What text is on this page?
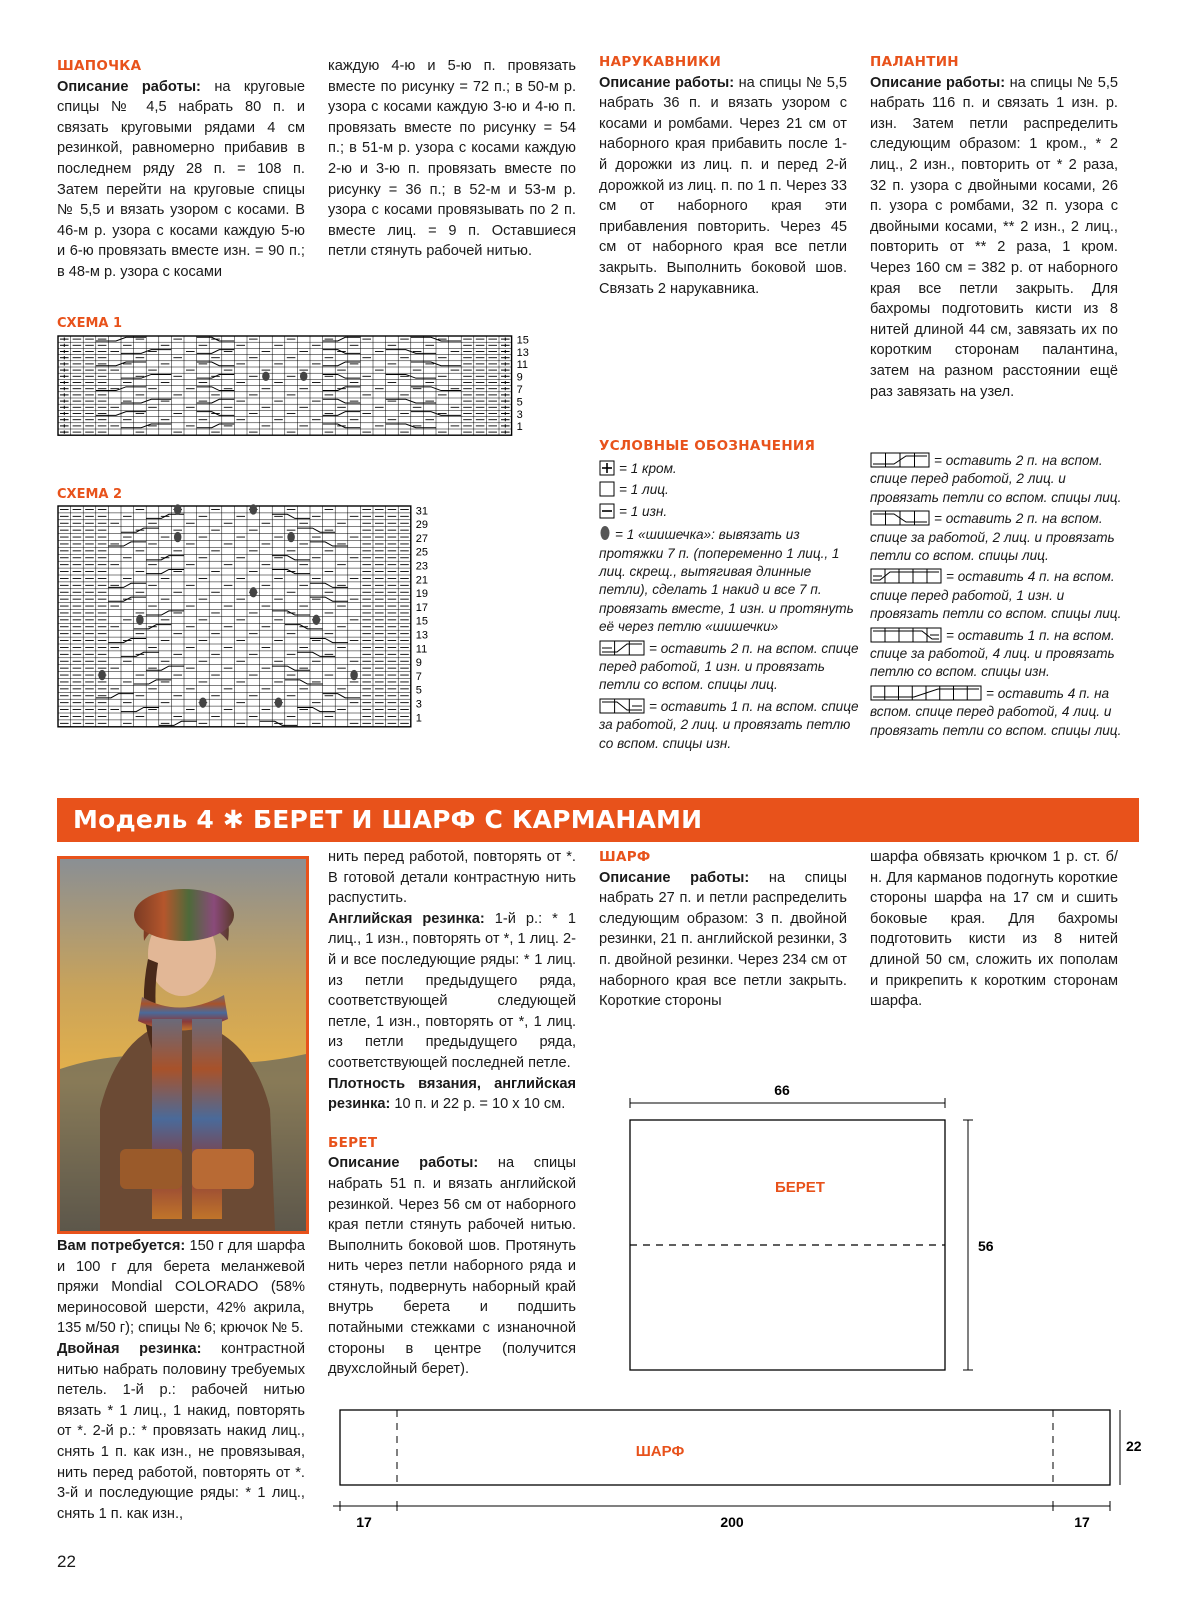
ШАПОЧКА

Описание работы: на круговые спицы № 4,5 набрать 80 п. и связать круговыми рядами 4 см резинкой, равномерно прибавив в последнем ряду 28 п. = 108 п. Затем перейти на круговые спицы № 5,5 и вязать узором с косами. В 46-м р. узора с косами каждую 5-ю и 6-ю провязать вместе изн. = 90 п.; в 48-м р. узора с косами

каждую 4-ю и 5-ю п. провязать вместе по рисунку = 72 п.; в 50-м р. узора с косами каждую 3-ю и 4-ю п. провязать вместе по рисунку = 54 п.; в 51-м р. узора с косами каждую 2-ю и 3-ю п. провязать вместе по рисунку = 36 п.; в 52-м и 53-м р. узора с косами провязывать по 2 п. вместе лиц. = 9 п. Оставшиеся петли стянуть рабочей нитью.

НАРУКАВНИКИ

Описание работы: на спицы № 5,5 набрать 36 п. и вязать узором с косами и ромбами. Через 21 см от наборного края прибавить после 1-й дорожки из лиц. п. и перед 2-й дорожкой из лиц. п. по 1 п. Через 33 см от наборного края эти прибавления повторить. Через 45 см от наборного края все петли закрыть. Выполнить боковой шов. Связать 2 нарукавника.

ПАЛАНТИН

Описание работы: на спицы № 5,5 набрать 116 п. и связать 1 изн. р. изн. Затем петли распределить следующим образом: 1 кром., * 2 лиц., 2 изн., повторить от * 2 раза, 32 п. узора с двойными косами, 26 п. узора с ромбами, 32 п. узора с двойными косами, ** 2 изн., 2 лиц., повторить от ** 2 раза, 1 кром. Через 160 см = 382 р. от наборного края все петли закрыть. Для бахромы подготовить кисти из 8 нитей длиной 44 см, завязать их по коротким сторонам палантина, затем на разном расстоянии ещё раз завязать на узел.

СХЕМА 1
15
13
11
9
7
5
3
1
СХЕМА 2
31
29
27
25
23
21
19
17
15
13
11
9
7
5
3
1
УСЛОВНЫЕ ОБОЗНАЧЕНИЯ
= 1 кром.
= 1 лиц.
= 1 изн.
= 1 «шишечка»: вывязать из протяжки 7 п. (попеременно 1 лиц., 1 лиц. скрещ., вытягивая длинные петли), сделать 1 накид и все 7 п. провязать вместе, 1 изн. и протянуть её через петлю «шишечки»
= оставить 2 п. на вспом. спице перед работой, 1 изн. и провязать петли со вспом. спицы лиц.
= оставить 1 п. на вспом. спице за работой, 2 лиц. и провязать петлю со вспом. спицы изн.
= оставить 2 п. на вспом. спице перед работой, 2 лиц. и провязать петли со вспом. спицы лиц.
= оставить 2 п. на вспом. спице за работой, 2 лиц. и провязать петли со вспом. спицы лиц.
= оставить 4 п. на вспом. спице перед работой, 1 изн. и провязать петли со вспом. спицы лиц.
= оставить 1 п. на вспом. спице за работой, 4 лиц. и провязать петлю со вспом. спицы изн.
= оставить 4 п. на вспом. спице перед работой, 4 лиц. и провязать петли со вспом. спицы лиц.
Модель 4 ✱ БЕРЕТ И ШАРФ С КАРМАНАМИ

Вам потребуется: 150 г для шарфа и 100 г для берета меланжевой пряжи Mondial COLORADO (58% мериносовой шерсти, 42% акрила, 135 м/50 г); спицы № 6; крючок № 5.

Двойная резинка: контрастной нитью набрать половину требуемых петель. 1-й р.: рабочей нитью вязать * 1 лиц., 1 накид, повторять от *. 2-й р.: * провязать накид лиц., снять 1 п. как изн., не провязывая, нить перед работой, повторять от *. 3-й и последующие ряды: * 1 лиц., снять 1 п. как изн.,

нить перед работой, повторять от *. В готовой детали контрастную нить распустить.

Английская резинка: 1-й р.: * 1 лиц., 1 изн., повторять от *, 1 лиц. 2-й и все последующие ряды: * 1 лиц. из петли предыдущего ряда, соответствующей следующей петле, 1 изн., повторять от *, 1 лиц. из петли предыдущего ряда, соответствующей последней петле.

Плотность вязания, английская резинка: 10 п. и 22 р. = 10 х 10 см.

БЕРЕТ

Описание работы: на спицы набрать 51 п. и вязать английской резинкой. Через 56 см от наборного края петли стянуть рабочей нитью. Выполнить боковой шов. Протянуть нить через петли наборного ряда и стянуть, подвернуть наборный край внутрь берета и подшить потайными стежками с изнаночной стороны в центре (получится двухслойный берет).

ШАРФ

Описание работы: на спицы набрать 27 п. и петли распределить следующим образом: 3 п. двойной резинки, 21 п. английской резинки, 3 п. двойной резинки. Через 234 см от наборного края все петли закрыть. Короткие стороны

шарфа обвязать крючком 1 р. ст. б/н. Для карманов подогнуть короткие стороны шарфа на 17 см и сшить боковые края. Для бахромы подготовить кисти из 8 нитей длиной 50 см, сложить их пополам и прикрепить к коротким сторонам шарфа.

66
БЕРЕТ
56
ШАРФ	22
17	200	17
22
